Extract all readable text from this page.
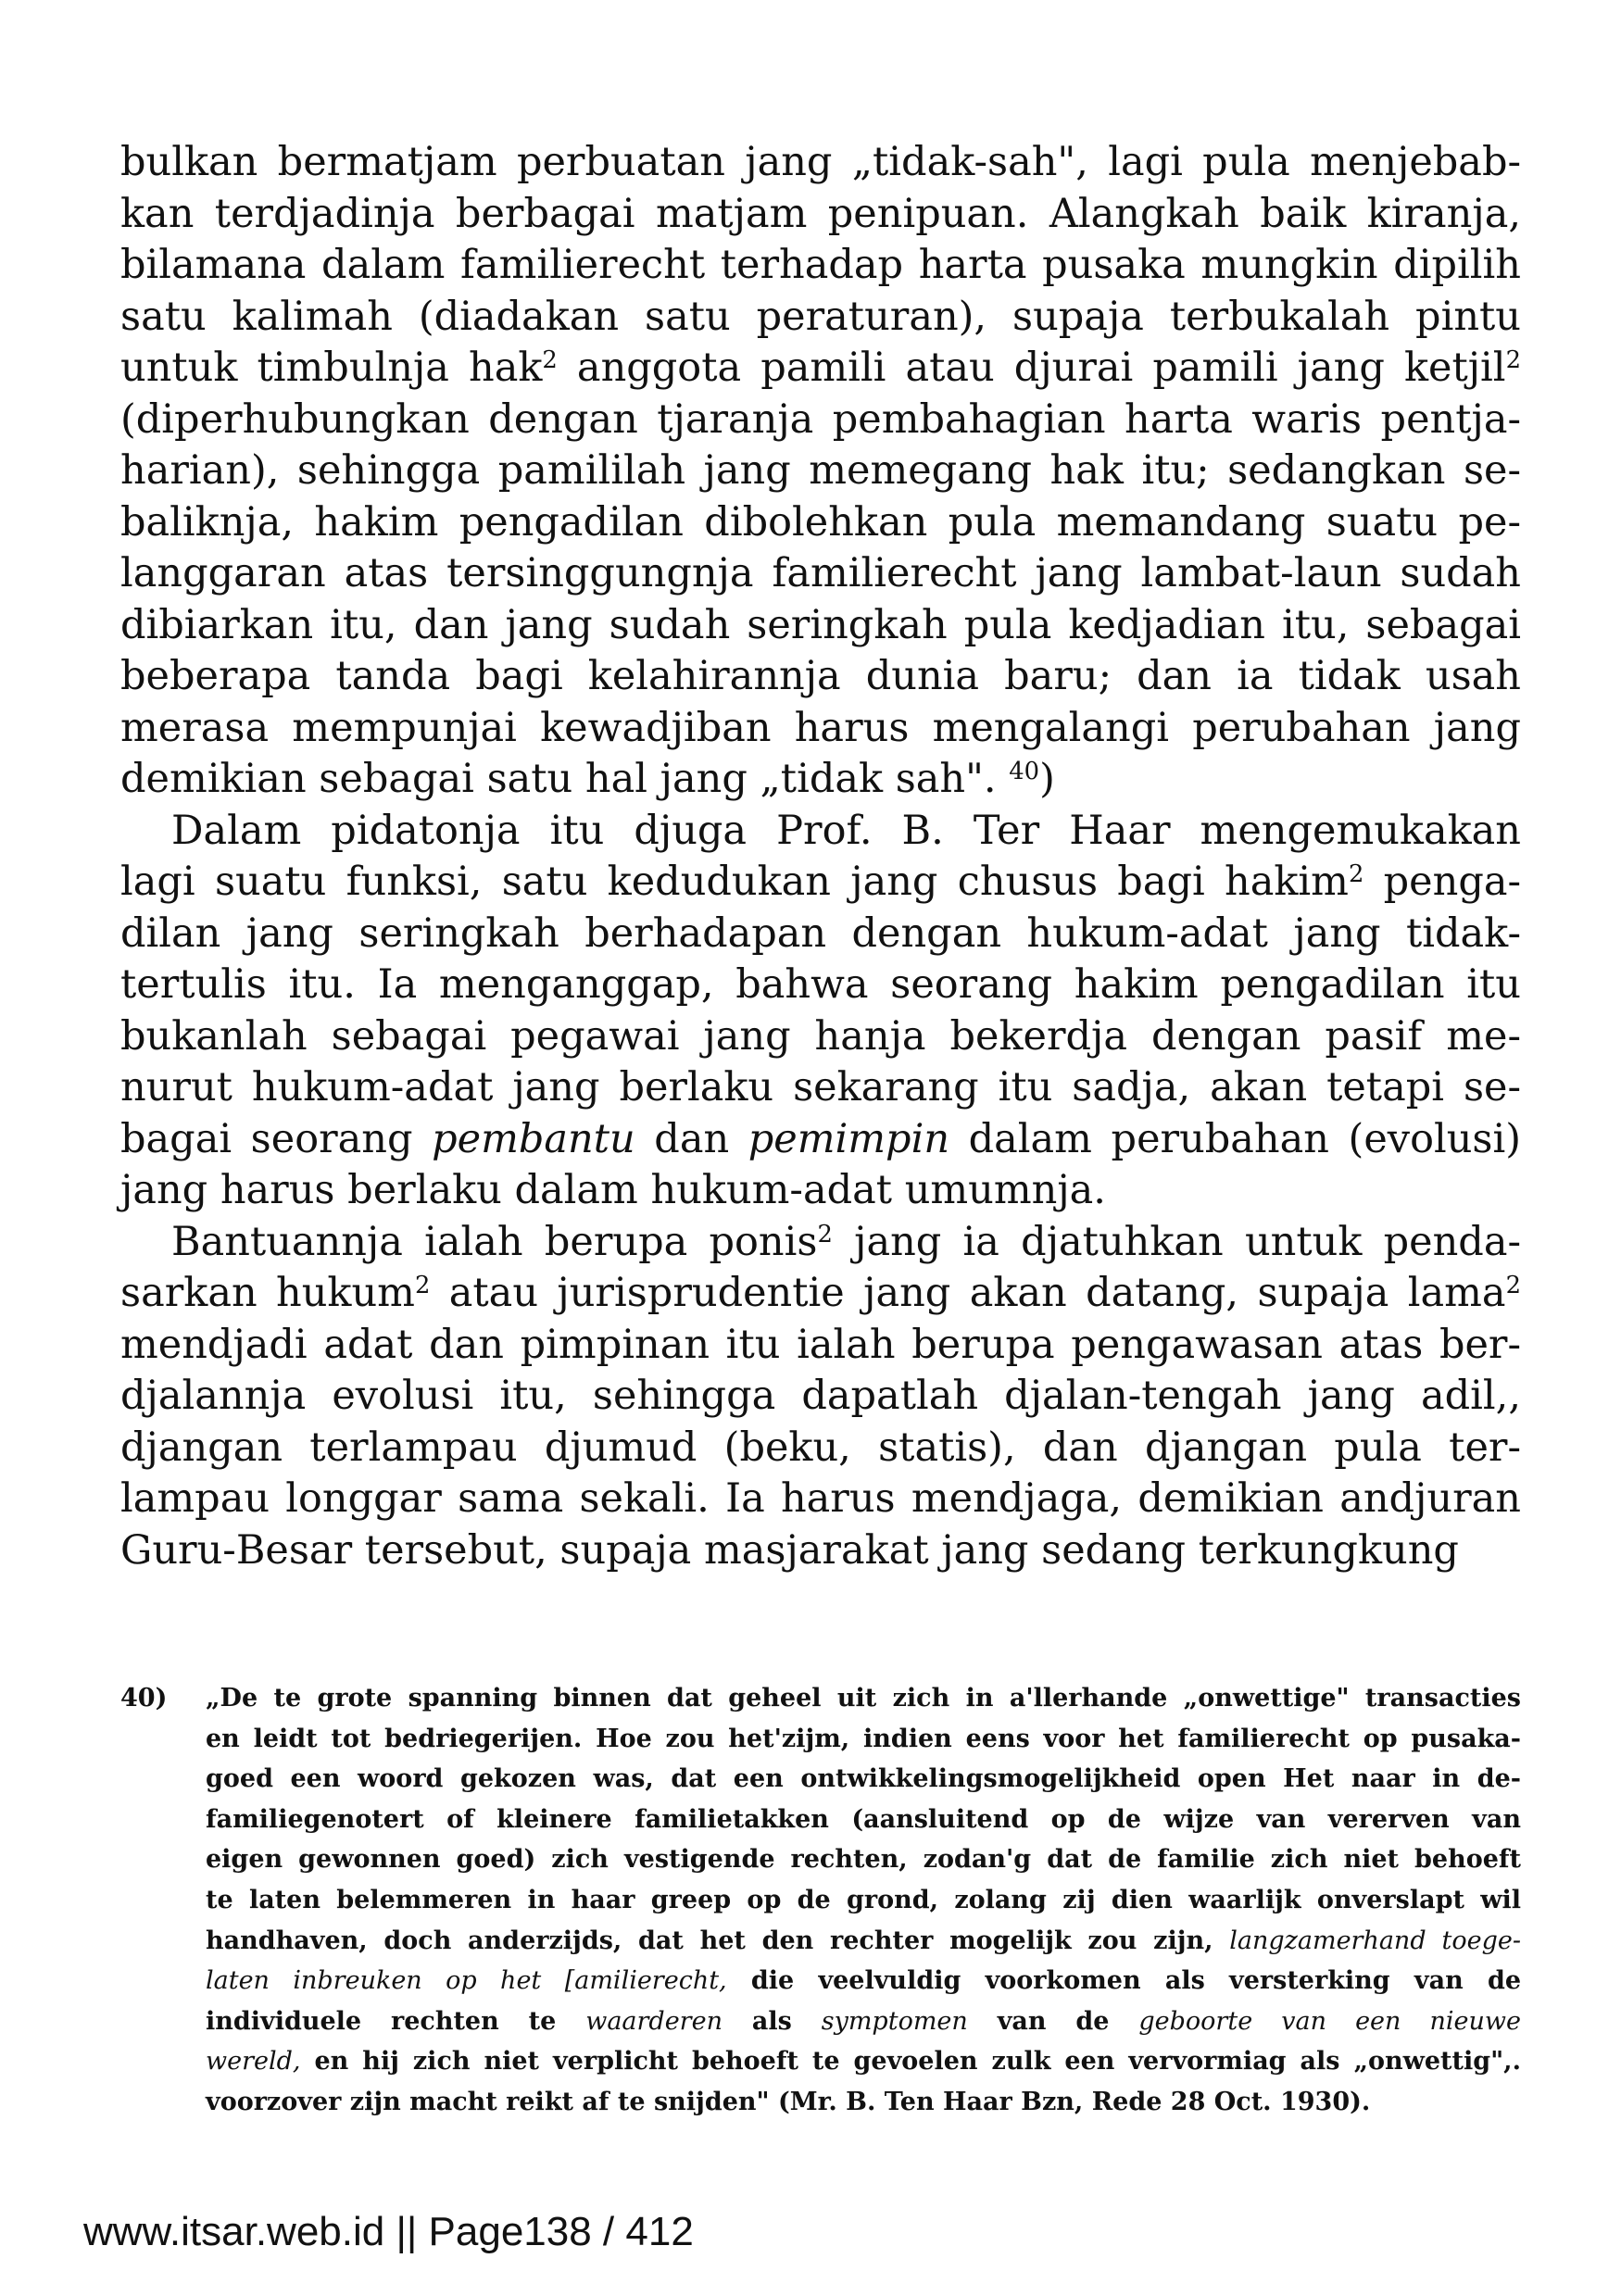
bulkan bermatjam perbuatan jang „tidak-sah", lagi pula menjebab-
kan terdjadinja berbagai matjam penipuan. Alangkah baik kiranja,
bilamana dalam familierecht terhadap harta pusaka mungkin dipilih
satu kalimah (diadakan satu peraturan), supaja terbukalah pintu
untuk timbulnja hak$^2$ anggota pamili atau djurai pamili jang ketjil$^2$
(diperhubungkan dengan tjaranja pembahagian harta waris pentja-
harian), sehingga pamililah jang memegang hak itu; sedangkan se-
baliknja, hakim pengadilan dibolehkan pula memandang suatu pe-
langgaran atas tersinggungnja familierecht jang lambat-laun sudah
dibiarkan itu, dan jang sudah seringkah pula kedjadian itu, sebagai
beberapa tanda bagi kelahirannja dunia baru; dan ia tidak usah
merasa mempunjai kewadjiban harus mengalangi perubahan jang
demikian sebagai satu hal jang „tidak sah". $^{40}$)

Dalam pidatonja itu djuga Prof. B. Ter Haar mengemukakan
lagi suatu funksi, satu kedudukan jang chusus bagi hakim$^2$ penga-
dilan jang seringkah berhadapan dengan hukum-adat jang tidak-
tertulis itu. Ia menganggap, bahwa seorang hakim pengadilan itu
bukanlah sebagai pegawai jang hanja bekerdja dengan pasif me-
nurut hukum-adat jang berlaku sekarang itu sadja, akan tetapi se-
bagai seorang pembantu dan pemimpin dalam perubahan (evolusi)
jang harus berlaku dalam hukum-adat umumnja.

Bantuannja ialah berupa ponis$^2$ jang ia djatuhkan untuk penda-
sarkan hukum$^2$ atau jurisprudentie jang akan datang, supaja lama$^2$
mendjadi adat dan pimpinan itu ialah berupa pengawasan atas ber-
djalannja evolusi itu, sehingga dapatlah djalan-tengah jang adil,,
djangan terlampau djumud (beku, statis), dan djangan pula ter-
lampau longgar sama sekali. Ia harus mendjaga, demikian andjuran
Guru-Besar tersebut, supaja masjarakat jang sedang terkungkung

40)	„De te grote spanning binnen dat geheel uit zich in a'llerhande „onwettige" transacties
en leidt tot bedriegerijen. Hoe zou het'zijm, indien eens voor het familierecht op pusaka-
goed een woord gekozen was, dat een ontwikkelingsmogelijkheid open Het naar in de-
familiegenotert of kleinere familietakken (aansluitend op de wijze van vererven van
eigen gewonnen goed) zich vestigende rechten, zodan'g dat de familie zich niet behoeft
te laten belemmeren in haar greep op de grond, zolang zij dien waarlijk onverslapt wil
handhaven, doch anderzijds, dat het den rechter mogelijk zou zijn, langzamerhand toege-
laten inbreuken op het [amilierecht, die veelvuldig voorkomen als versterking van de
individuele rechten te waarderen als symptomen van de geboorte van een nieuwe
wereld, en hij zich niet verplicht behoeft te gevoelen zulk een vervormiag als „onwettig",.
voorzover zijn macht reikt af te snijden" (Mr. B. Ten Haar Bzn, Rede 28 Oct. 1930).
www.itsar.web.id || Page138 / 412
